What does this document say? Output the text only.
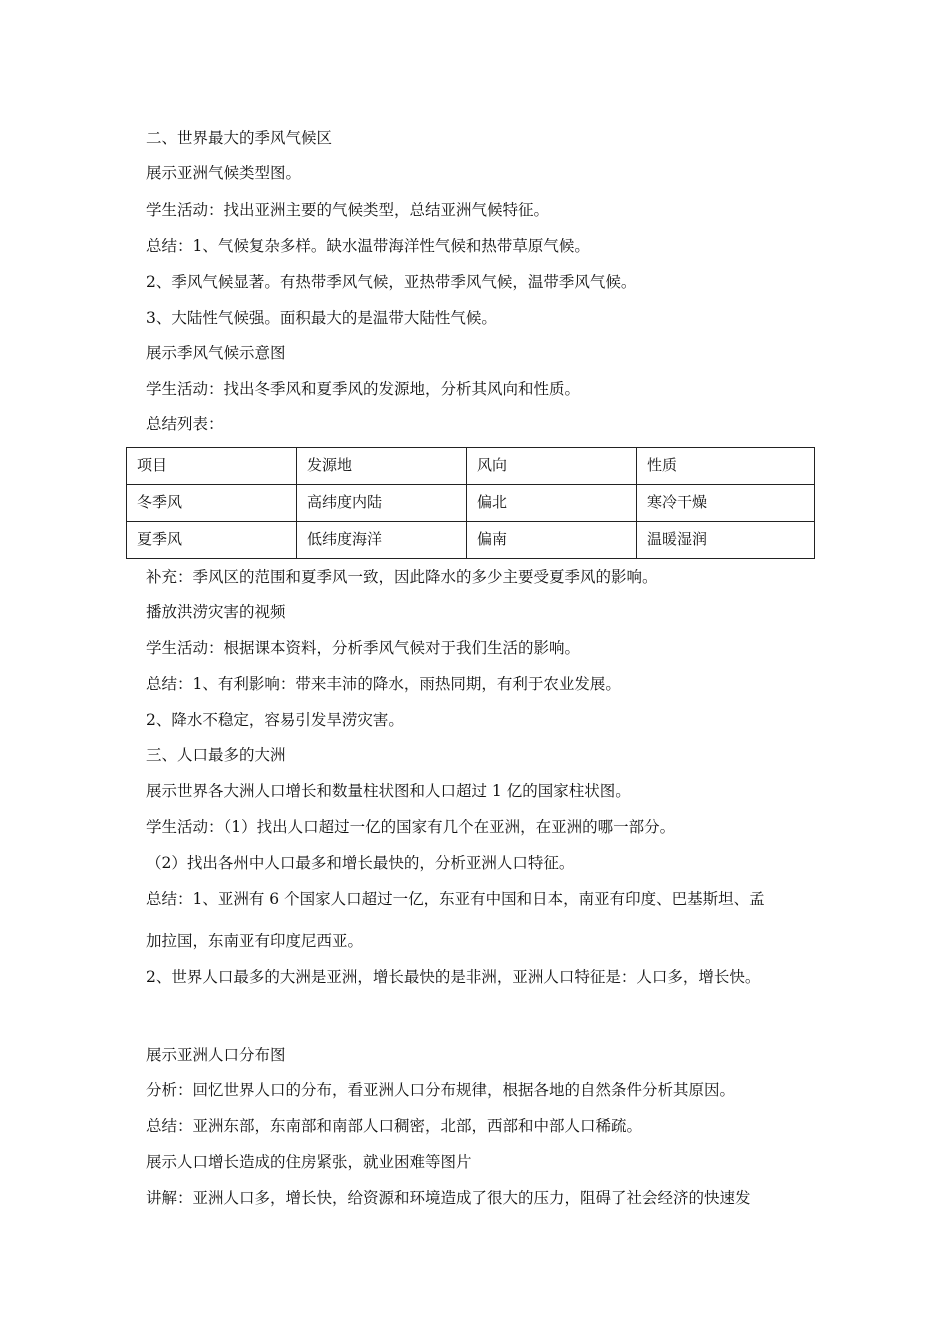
二、世界最大的季风气候区
展示亚洲气候类型图。
学生活动：找出亚洲主要的气候类型，总结亚洲气候特征。
总结：1、气候复杂多样。缺水温带海洋性气候和热带草原气候。
2、季风气候显著。有热带季风气候，亚热带季风气候，温带季风气候。
3、大陆性气候强。面积最大的是温带大陆性气候。
展示季风气候示意图
学生活动：找出冬季风和夏季风的发源地，分析其风向和性质。
总结列表：
项目	发源地	风向	性质
冬季风	高纬度内陆	偏北	寒冷干燥
夏季风	低纬度海洋	偏南	温暖湿润
补充：季风区的范围和夏季风一致，因此降水的多少主要受夏季风的影响。
播放洪涝灾害的视频
学生活动：根据课本资料，分析季风气候对于我们生活的影响。
总结：1、有利影响：带来丰沛的降水，雨热同期，有利于农业发展。
2、降水不稳定，容易引发旱涝灾害。
三、人口最多的大洲
展示世界各大洲人口增长和数量柱状图和人口超过 1 亿的国家柱状图。
学生活动：（1）找出人口超过一亿的国家有几个在亚洲，在亚洲的哪一部分。
（2）找出各州中人口最多和增长最快的，分析亚洲人口特征。
总结：1、亚洲有 6 个国家人口超过一亿，东亚有中国和日本，南亚有印度、巴基斯坦、孟
加拉国，东南亚有印度尼西亚。
2、世界人口最多的大洲是亚洲，增长最快的是非洲，亚洲人口特征是：人口多，增长快。
展示亚洲人口分布图
分析：回忆世界人口的分布，看亚洲人口分布规律，根据各地的自然条件分析其原因。
总结：亚洲东部，东南部和南部人口稠密，北部，西部和中部人口稀疏。
展示人口增长造成的住房紧张，就业困难等图片
讲解：亚洲人口多，增长快，给资源和环境造成了很大的压力，阻碍了社会经济的快速发
